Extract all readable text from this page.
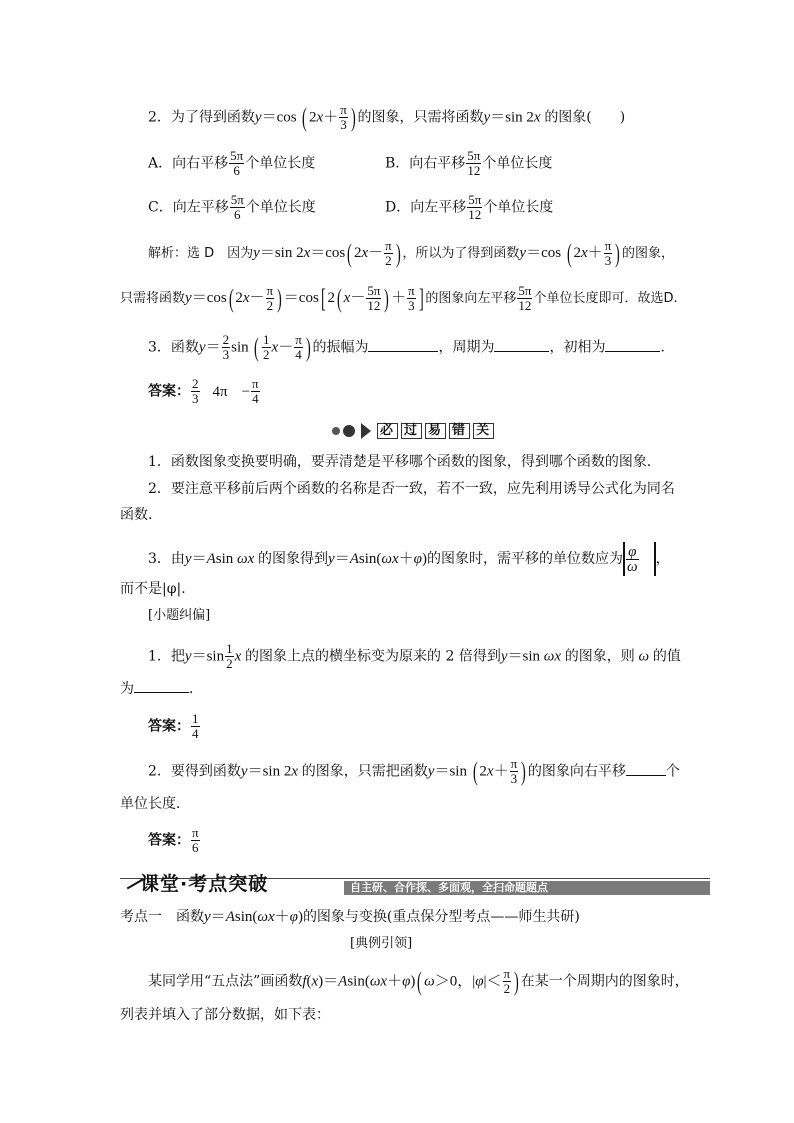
2．为了得到函数y＝cos ( $2x+ \frac{\pi}{3}$ ) 的图象，只需将函数y＝sin 2x 的图象(　　)
A．向右平移 $\frac{5\pi}{6}$ 个单位长度	B．向右平移 $\frac{5\pi}{12}$ 个单位长度
C．向左平移 $\frac{5\pi}{6}$ 个单位长度	D．向左平移 $\frac{5\pi}{12}$ 个单位长度
解析：选 D　因为y＝sin 2x＝cos( $2x- \frac{\pi}{2}$ ) ，所以为了得到函数y＝cos ( $2x+ \frac{\pi}{3}$ ) 的图象，
只需将函数y＝cos( $2x- \frac{\pi}{2}$ ) ＝cos[ 2( $x- \frac{5\pi}{12}$ ) ＋ $\frac{\pi}{3}$ ] 的图象向左平移 $\frac{5\pi}{12}$ 个单位长度即可．故选D.
3．函数$y= \frac{2}{3}$ sin ( $\frac{1}{2} x- \frac{\pi}{4}$ ) 的振幅为	，周期为	，初相为	．
答案： $\frac{2}{3} 4\pi - \frac{\pi}{4}$
必 过 易 错 关
1．函数图象变换要明确，要弄清楚是平移哪个函数的图象，得到哪个函数的图象．
2．要注意平移前后两个函数的名称是否一致，若不一致，应先利用诱导公式化为同名
函数．
3．由y＝Asin ωx 的图象得到y＝Asin(ωx＋φ)的图象时，需平移的单位数应为 $\frac{\varphi}{\omega}$ ，
而不是|φ|.
[小题纠偏]
1．把$y=\sin \frac{1}{2}$ x 的图象上点的横坐标变为原来的 2 倍得到y＝sin ωx 的图象，则 ω 的值
为	．
答案： $\frac{1}{4}$
2．要得到函数y＝sin 2x 的图象，只需把函数y＝sin ( $2x+ \frac{\pi}{3}$ ) 的图象向右平移	个
单位长度．
答案： $\frac{\pi}{6}$
课堂·考点突破	自主研、合作探、多面观，全扫命题题点
考点一　函数y＝Asin(ωx＋φ)的图象与变换(重点保分型考点——师生共研)
[典例引领]
某同学用“五点法”画函数f(x)＝Asin(ωx＋φ)( ω＞0，$|\varphi|< \frac{\pi}{2}$ ) 在某一个周期内的图象时，
列表并填入了部分数据，如下表：
